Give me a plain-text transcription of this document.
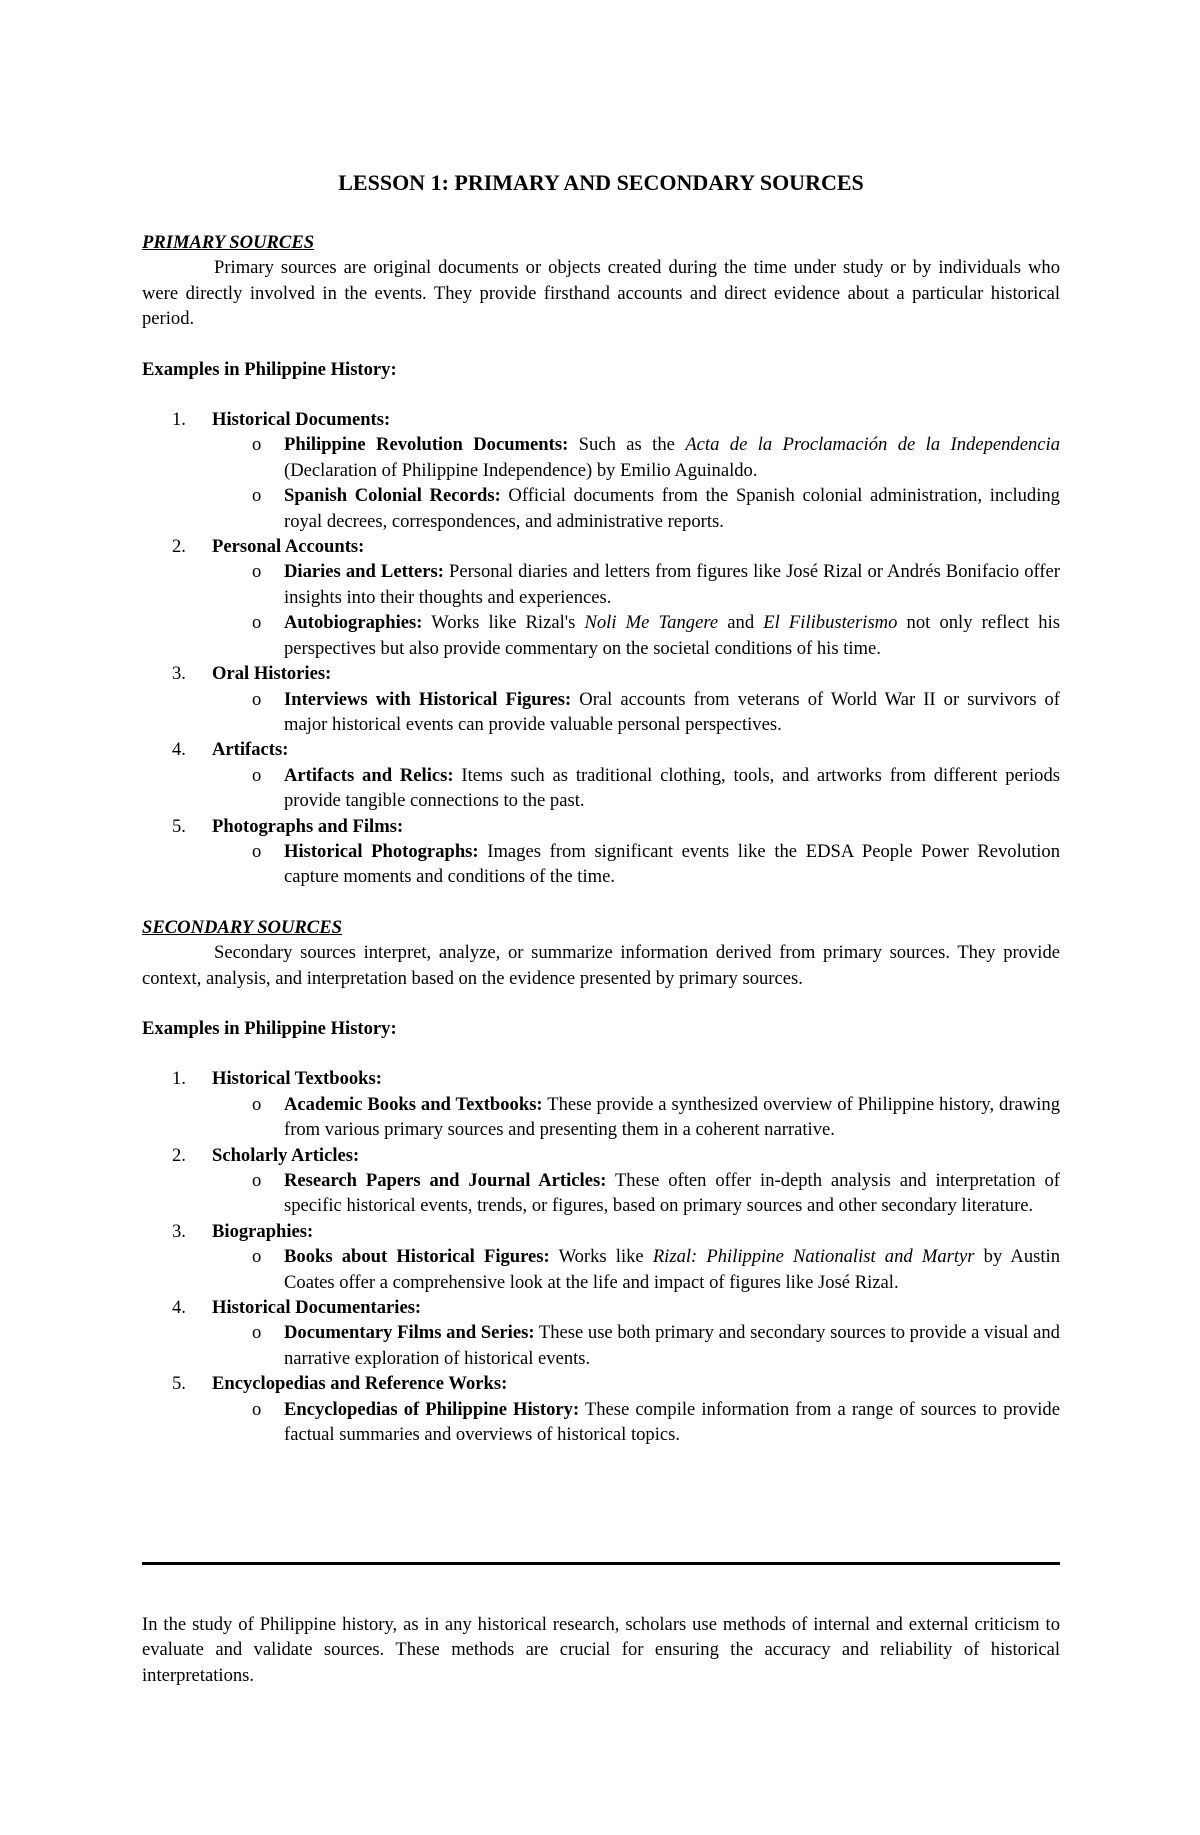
LESSON 1: PRIMARY AND SECONDARY SOURCES
PRIMARY SOURCES

Primary sources are original documents or objects created during the time under study or by individuals who were directly involved in the events. They provide firsthand accounts and direct evidence about a particular historical period.

Examples in Philippine History:
1. Historical Documents:
o Philippine Revolution Documents: Such as the Acta de la Proclamación de la Independencia (Declaration of Philippine Independence) by Emilio Aguinaldo.
o Spanish Colonial Records: Official documents from the Spanish colonial administration, including royal decrees, correspondences, and administrative reports.
2. Personal Accounts:
o Diaries and Letters: Personal diaries and letters from figures like José Rizal or Andrés Bonifacio offer insights into their thoughts and experiences.
o Autobiographies: Works like Rizal's Noli Me Tangere and El Filibusterismo not only reflect his perspectives but also provide commentary on the societal conditions of his time.
3. Oral Histories:
o Interviews with Historical Figures: Oral accounts from veterans of World War II or survivors of major historical events can provide valuable personal perspectives.
4. Artifacts:
o Artifacts and Relics: Items such as traditional clothing, tools, and artworks from different periods provide tangible connections to the past.
5. Photographs and Films:
o Historical Photographs: Images from significant events like the EDSA People Power Revolution capture moments and conditions of the time.
SECONDARY SOURCES

Secondary sources interpret, analyze, or summarize information derived from primary sources. They provide context, analysis, and interpretation based on the evidence presented by primary sources.

Examples in Philippine History:
1. Historical Textbooks:
o Academic Books and Textbooks: These provide a synthesized overview of Philippine history, drawing from various primary sources and presenting them in a coherent narrative.
2. Scholarly Articles:
o Research Papers and Journal Articles: These often offer in-depth analysis and interpretation of specific historical events, trends, or figures, based on primary sources and other secondary literature.
3. Biographies:
o Books about Historical Figures: Works like Rizal: Philippine Nationalist and Martyr by Austin Coates offer a comprehensive look at the life and impact of figures like José Rizal.
4. Historical Documentaries:
o Documentary Films and Series: These use both primary and secondary sources to provide a visual and narrative exploration of historical events.
5. Encyclopedias and Reference Works:
o Encyclopedias of Philippine History: These compile information from a range of sources to provide factual summaries and overviews of historical topics.

In the study of Philippine history, as in any historical research, scholars use methods of internal and external criticism to evaluate and validate sources. These methods are crucial for ensuring the accuracy and reliability of historical interpretations.
